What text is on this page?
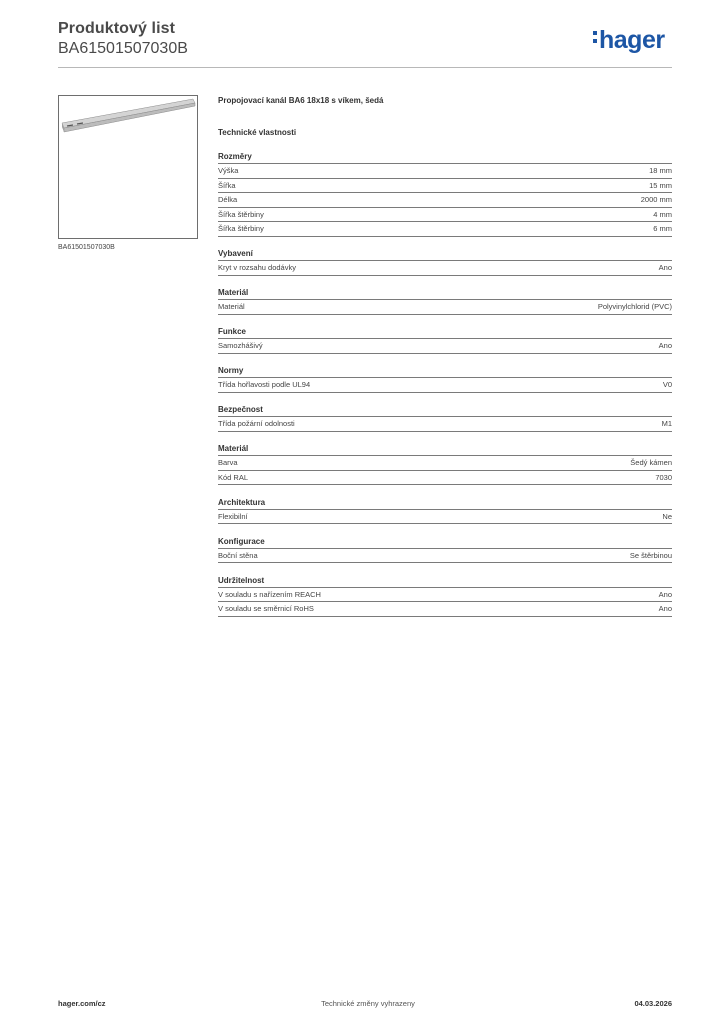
Produktový list
BA61501507030B	hager
BA61501507030B
Propojovací kanál BA6 18x18 s víkem, šedá
Technické vlastnosti
Rozměry
Výška	18 mm
Šířka	15 mm
Délka	2000 mm
Šířka štěrbiny	4 mm
Šířka štěrbiny	6 mm
Vybavení
Kryt v rozsahu dodávky	Ano
Materiál
Materiál	Polyvinylchlorid (PVC)
Funkce
Samozhášivý	Ano
Normy
Třída hořlavosti podle UL94	V0
Bezpečnost
Třída požární odolnosti	M1
Materiál
Barva	Šedý kámen
Kód RAL	7030
Architektura
Flexibilní	Ne
Konfigurace
Boční stěna	Se štěrbinou
Udržitelnost
V souladu s nařízením REACH	Ano
V souladu se směrnicí RoHS	Ano
hager.com/cz	Technické změny vyhrazeny	04.03.2026
